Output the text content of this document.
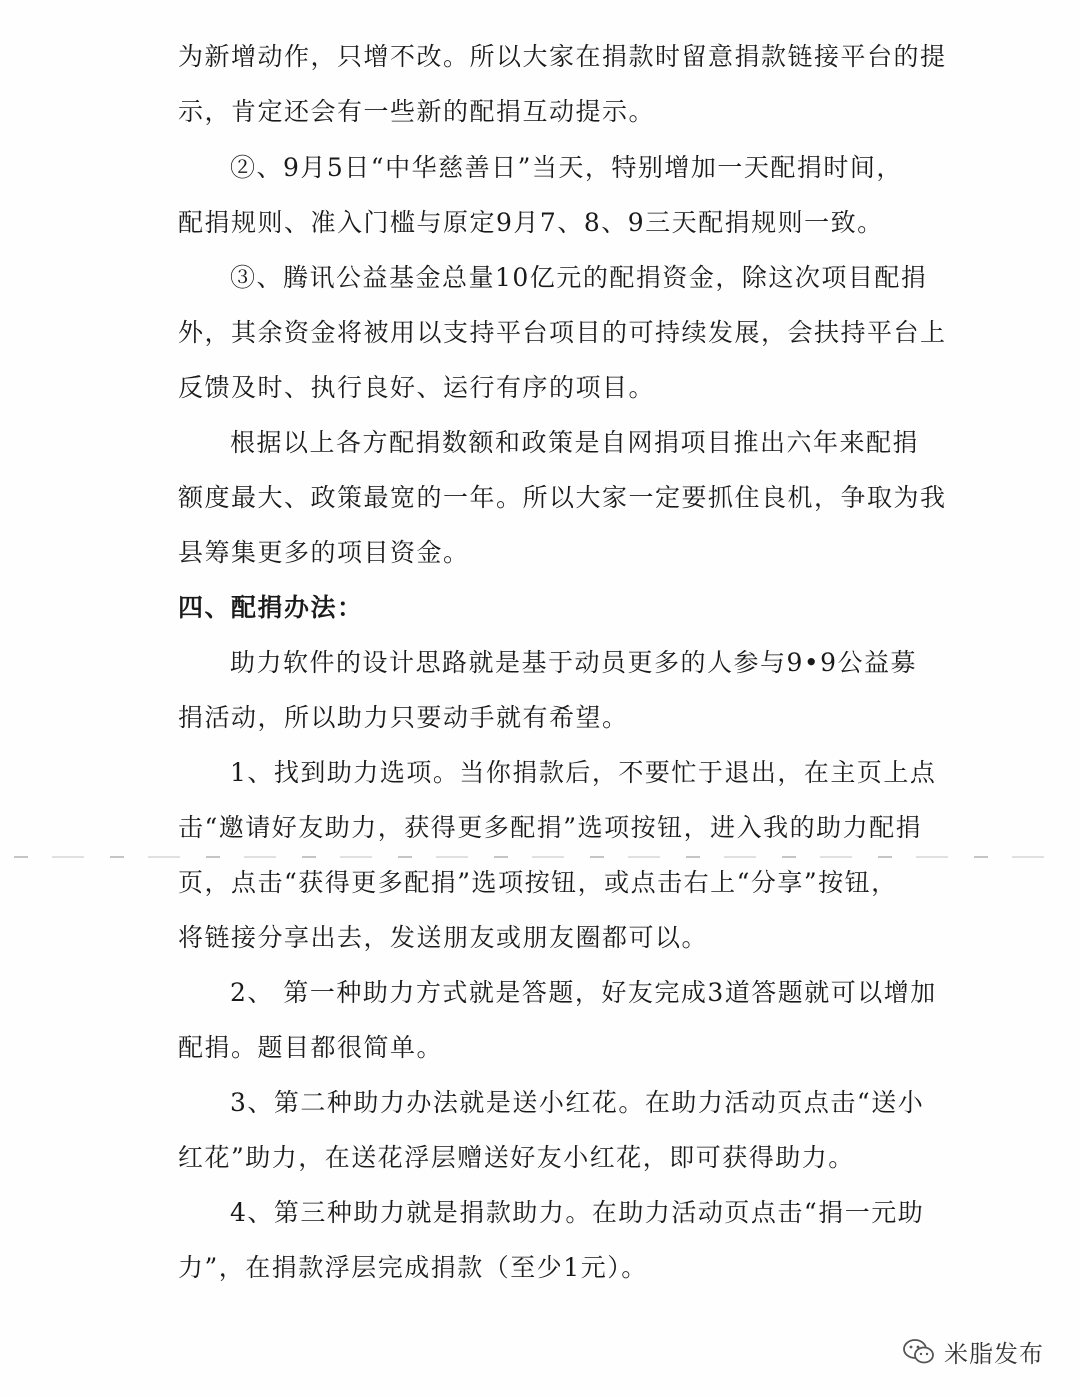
为新增动作，只增不改。所以大家在捐款时留意捐款链接平台的提
示，肯定还会有一些新的配捐互动提示。
②、9月5日“中华慈善日”当天，特别增加一天配捐时间，
配捐规则、准入门槛与原定9月7、8、9三天配捐规则一致。
③、腾讯公益基金总量10亿元的配捐资金，除这次项目配捐
外，其余资金将被用以支持平台项目的可持续发展，会扶持平台上
反馈及时、执行良好、运行有序的项目。
根据以上各方配捐数额和政策是自网捐项目推出六年来配捐
额度最大、政策最宽的一年。所以大家一定要抓住良机，争取为我
县筹集更多的项目资金。
四、配捐办法：
助力软件的设计思路就是基于动员更多的人参与9•9公益募
捐活动，所以助力只要动手就有希望。
1、找到助力选项。当你捐款后，不要忙于退出，在主页上点
击“邀请好友助力，获得更多配捐”选项按钮，进入我的助力配捐
页，点击“获得更多配捐”选项按钮，或点击右上“分享”按钮，
将链接分享出去，发送朋友或朋友圈都可以。
2、 第一种助力方式就是答题，好友完成3道答题就可以增加
配捐。题目都很简单。
3、第二种助力办法就是送小红花。在助力活动页点击“送小
红花”助力，在送花浮层赠送好友小红花，即可获得助力。
4、第三种助力就是捐款助力。在助力活动页点击“捐一元助
力”，在捐款浮层完成捐款（至少1元）。
米脂发布
